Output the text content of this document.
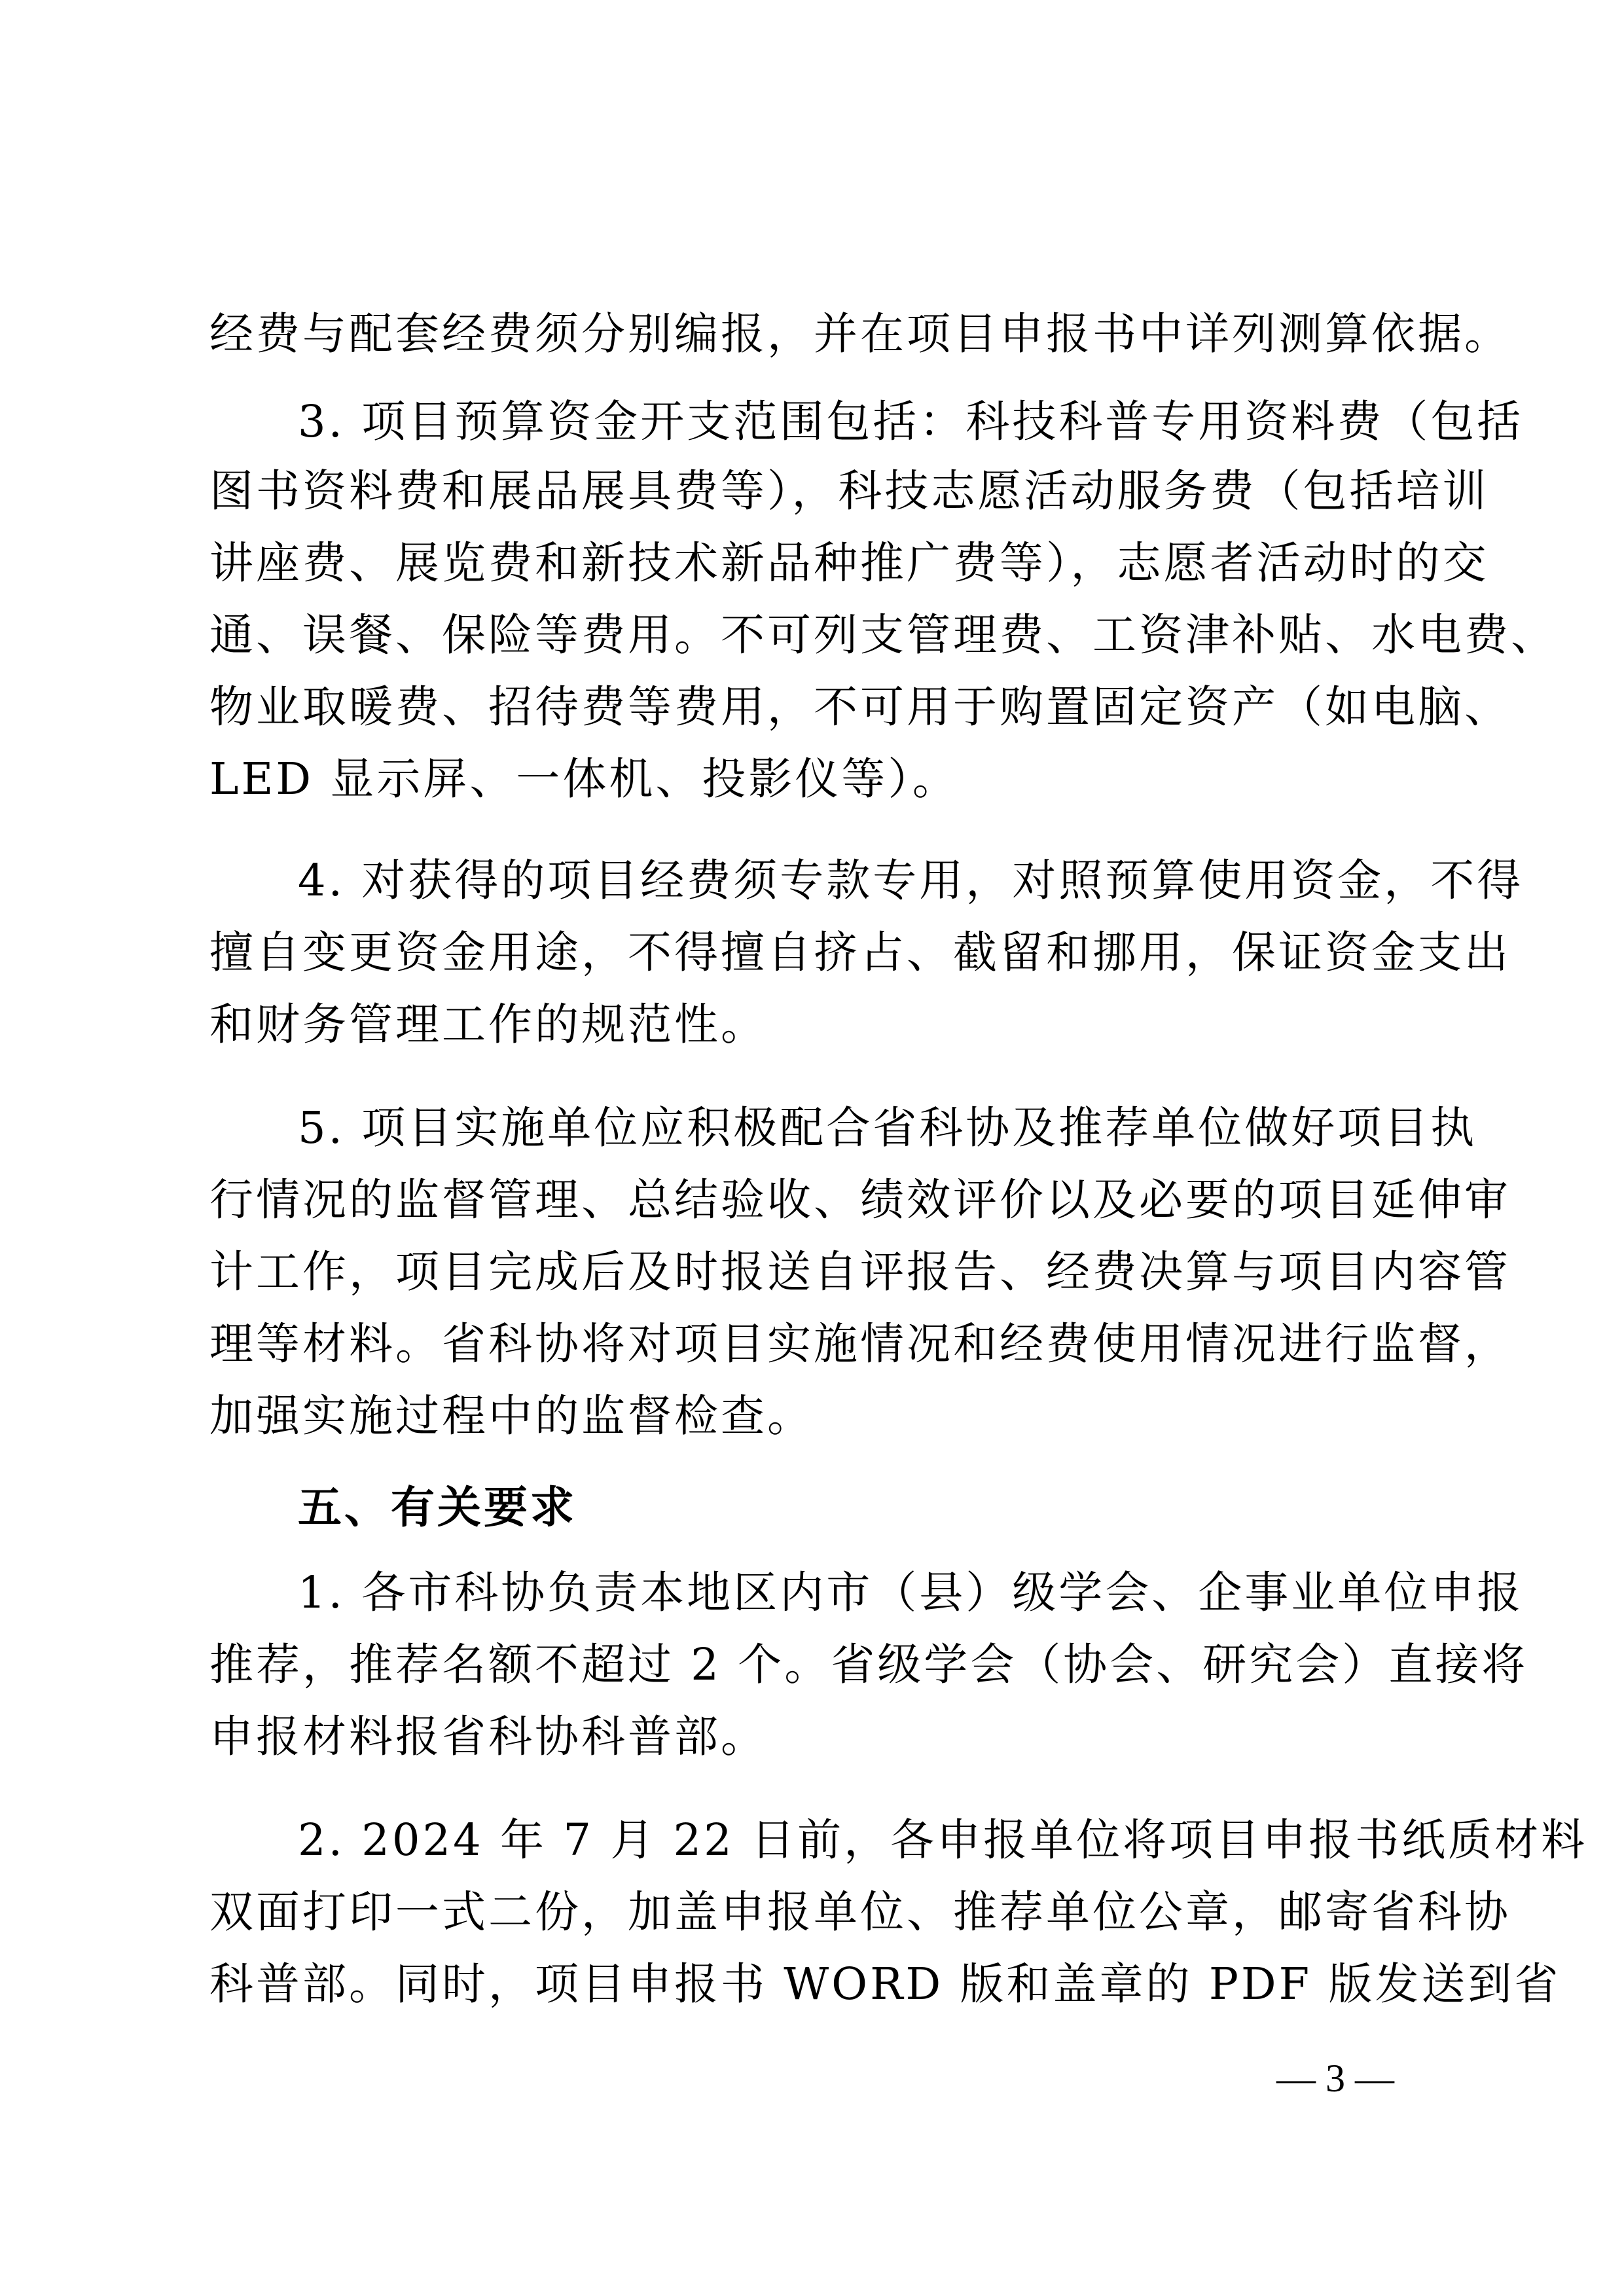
经费与配套经费须分别编报，并在项目申报书中详列测算依据。

3. 项目预算资金开支范围包括：科技科普专用资料费（包括

图书资料费和展品展具费等），科技志愿活动服务费（包括培训

讲座费、展览费和新技术新品种推广费等），志愿者活动时的交

通、误餐、保险等费用。不可列支管理费、工资津补贴、水电费、

物业取暖费、招待费等费用，不可用于购置固定资产（如电脑、

LED 显示屏、一体机、投影仪等）。

4. 对获得的项目经费须专款专用，对照预算使用资金，不得

擅自变更资金用途，不得擅自挤占、截留和挪用，保证资金支出

和财务管理工作的规范性。

5. 项目实施单位应积极配合省科协及推荐单位做好项目执

行情况的监督管理、总结验收、绩效评价以及必要的项目延伸审

计工作，项目完成后及时报送自评报告、经费决算与项目内容管

理等材料。省科协将对项目实施情况和经费使用情况进行监督，

加强实施过程中的监督检查。

五、有关要求

1. 各市科协负责本地区内市（县）级学会、企事业单位申报

推荐，推荐名额不超过 2 个。省级学会（协会、研究会）直接将

申报材料报省科协科普部。

2. 2024 年 7 月 22 日前，各申报单位将项目申报书纸质材料

双面打印一式二份，加盖申报单位、推荐单位公章，邮寄省科协

科普部。同时，项目申报书 WORD 版和盖章的 PDF 版发送到省

— 3 —
